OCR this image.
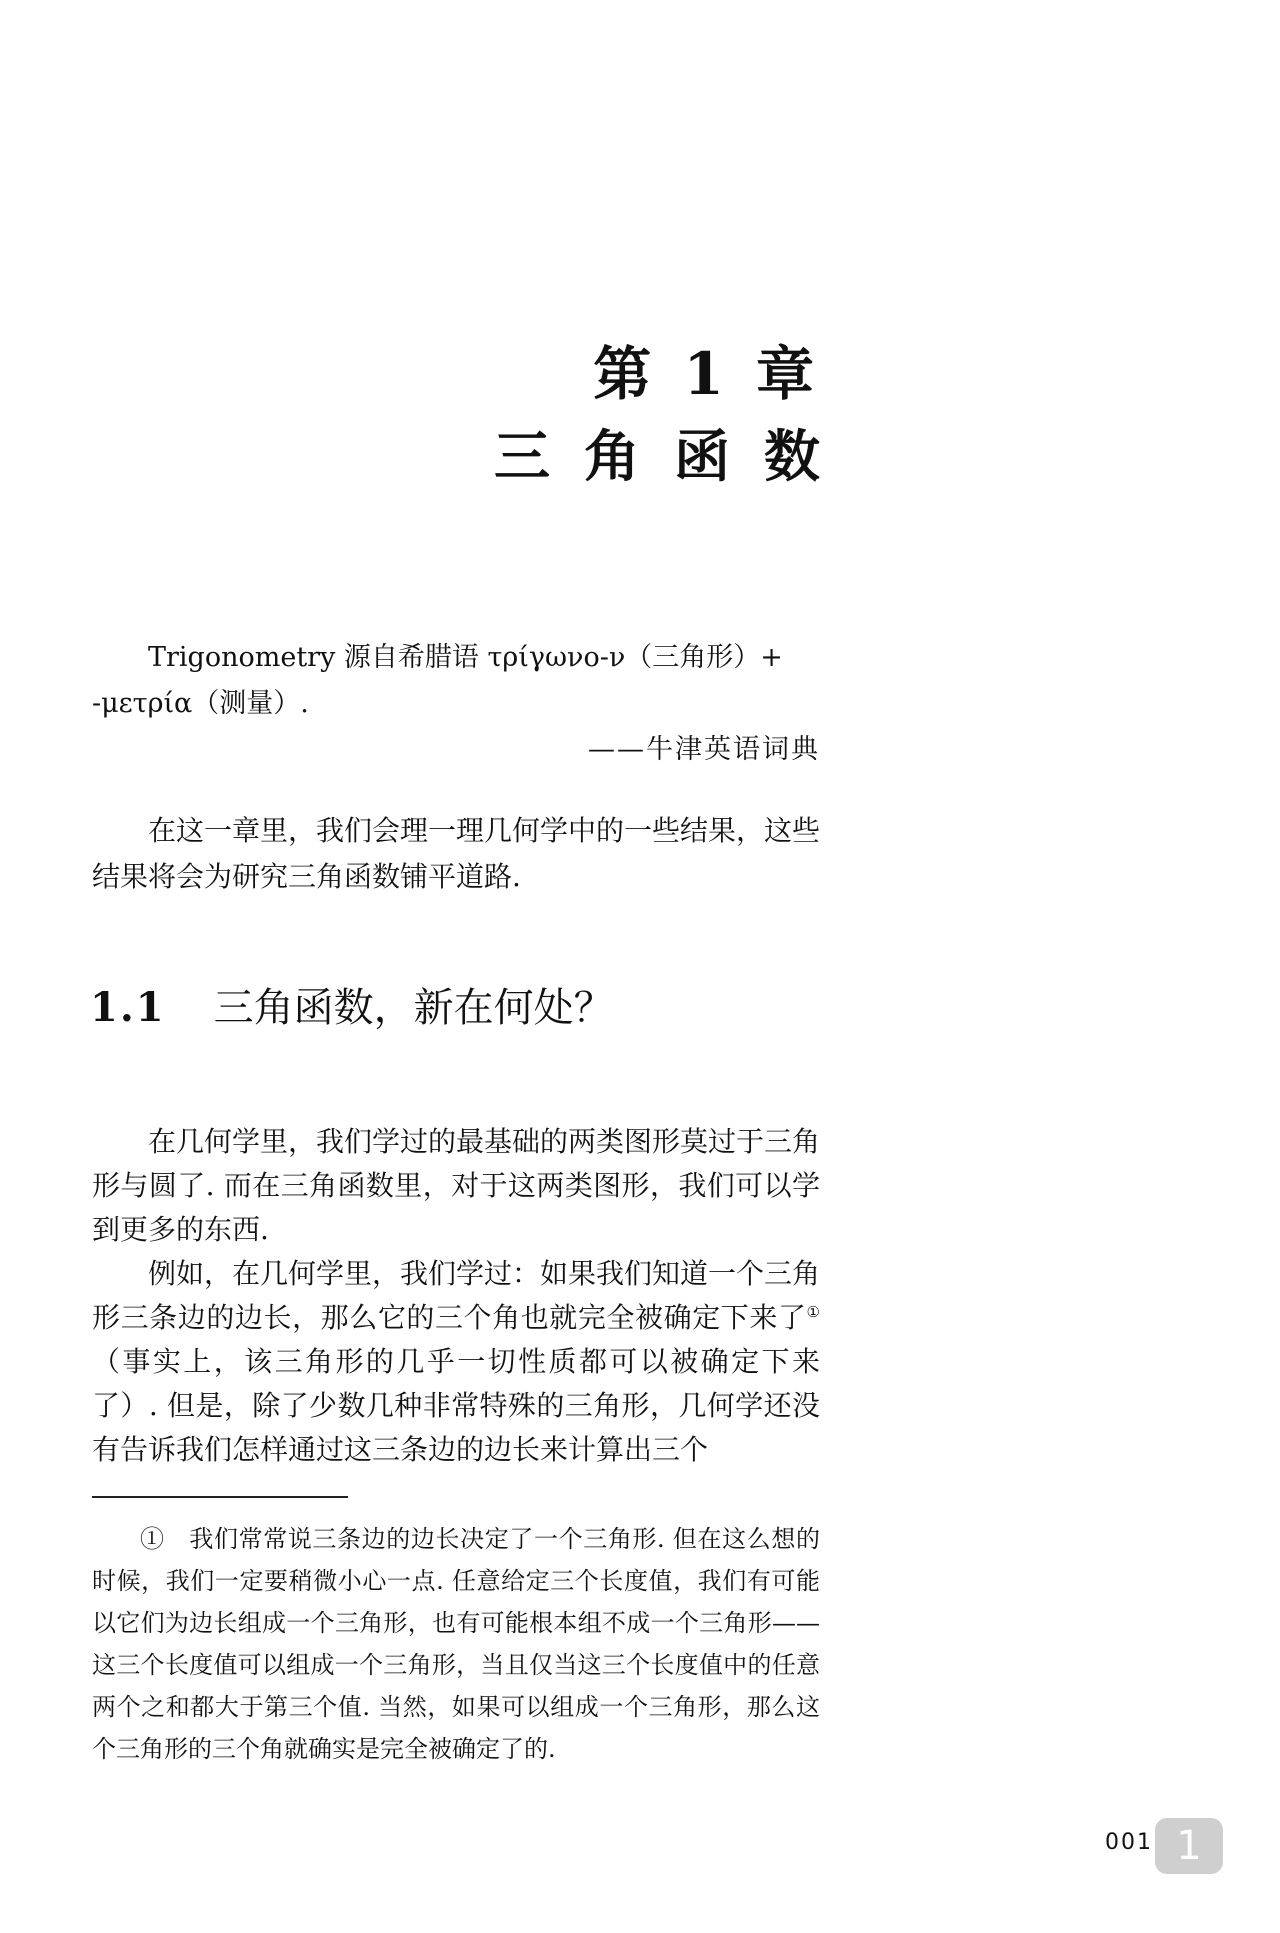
第 1 章
三角函数

Trigonometry 源自希腊语 τρίγωνο-ν（三角形）+ -μετρία（测量）.

——牛津英语词典

在这一章里，我们会理一理几何学中的一些结果，这些结果将会为研究三角函数铺平道路.

1.1 三角函数，新在何处？

在几何学里，我们学过的最基础的两类图形莫过于三角形与圆了. 而在三角函数里，对于这两类图形，我们可以学到更多的东西.

例如，在几何学里，我们学过：如果我们知道一个三角形三条边的边长，那么它的三个角也就完全被确定下来了①（事实上，该三角形的几乎一切性质都可以被确定下来了）. 但是，除了少数几种非常特殊的三角形，几何学还没有告诉我们怎样通过这三条边的边长来计算出三个

① 我们常常说三条边的边长决定了一个三角形. 但在这么想的时候，我们一定要稍微小心一点. 任意给定三个长度值，我们有可能以它们为边长组成一个三角形，也有可能根本组不成一个三角形——这三个长度值可以组成一个三角形，当且仅当这三个长度值中的任意两个之和都大于第三个值. 当然，如果可以组成一个三角形，那么这个三角形的三个角就确实是完全被确定了的.

001 1
